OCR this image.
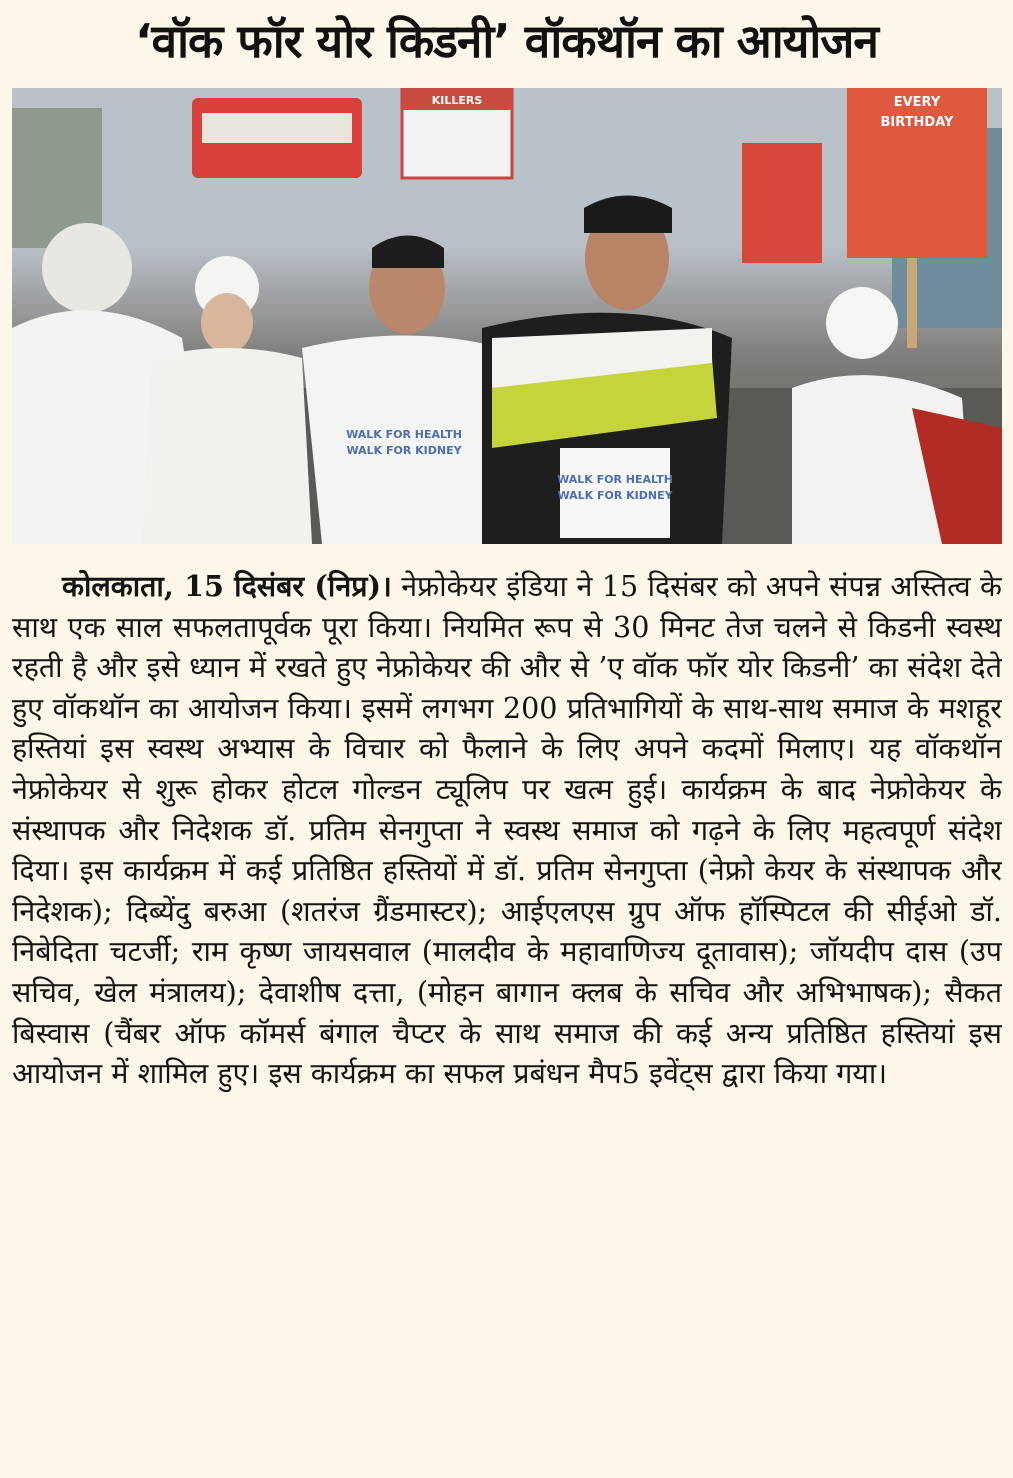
‘वॉक फॉर योर किडनी’ वॉकथॉन का आयोजन
KILLERS	EVERY
BIRTHDAY
WALK FOR HEALTH
WALK FOR KIDNEY
WALK FOR HEALTH
WALK FOR KIDNEY

कोलकाता, 15 दिसंबर (निप्र)। नेफ्रोकेयर इंडिया ने 15 दिसंबर को अपने संपन्न अस्तित्व के साथ एक साल सफलतापूर्वक पूरा किया। नियमित रूप से 30 मिनट तेज चलने से किडनी स्वस्थ रहती है और इसे ध्यान में रखते हुए नेफ्रोकेयर की और से ’ए वॉक फॉर योर किडनी’ का संदेश देते हुए वॉकथॉन का आयोजन किया। इसमें लगभग 200 प्रतिभागियों के साथ-साथ समाज के मशहूर हस्तियां इस स्वस्थ अभ्यास के विचार को फैलाने के लिए अपने कदमों मिलाए। यह वॉकथॉन नेफ्रोकेयर से शुरू होकर होटल गोल्डन ट्यूलिप पर खत्म हुई। कार्यक्रम के बाद नेफ्रोकेयर के संस्थापक और निदेशक डॉ. प्रतिम सेनगुप्ता ने स्वस्थ समाज को गढ़ने के लिए महत्वपूर्ण संदेश दिया। इस कार्यक्रम में कई प्रतिष्ठित हस्तियों में डॉ. प्रतिम सेनगुप्ता (नेफ्रो केयर के संस्थापक और निदेशक); दिब्येंदु बरुआ (शतरंज ग्रैंडमास्टर); आईएलएस ग्रुप ऑफ हॉस्पिटल की सीईओ डॉ. निबेदिता चटर्जी; राम कृष्ण जायसवाल (मालदीव के महावाणिज्य दूतावास); जॉयदीप दास (उप सचिव, खेल मंत्रालय); देवाशीष दत्ता, (मोहन बागान क्लब के सचिव और अभिभाषक); सैकत बिस्वास (चैंबर ऑफ कॉमर्स बंगाल चैप्टर के साथ समाज की कई अन्य प्रतिष्ठित हस्तियां इस आयोजन में शामिल हुए। इस कार्यक्रम का सफल प्रबंधन मैप5 इवेंट्स द्वारा किया गया।
